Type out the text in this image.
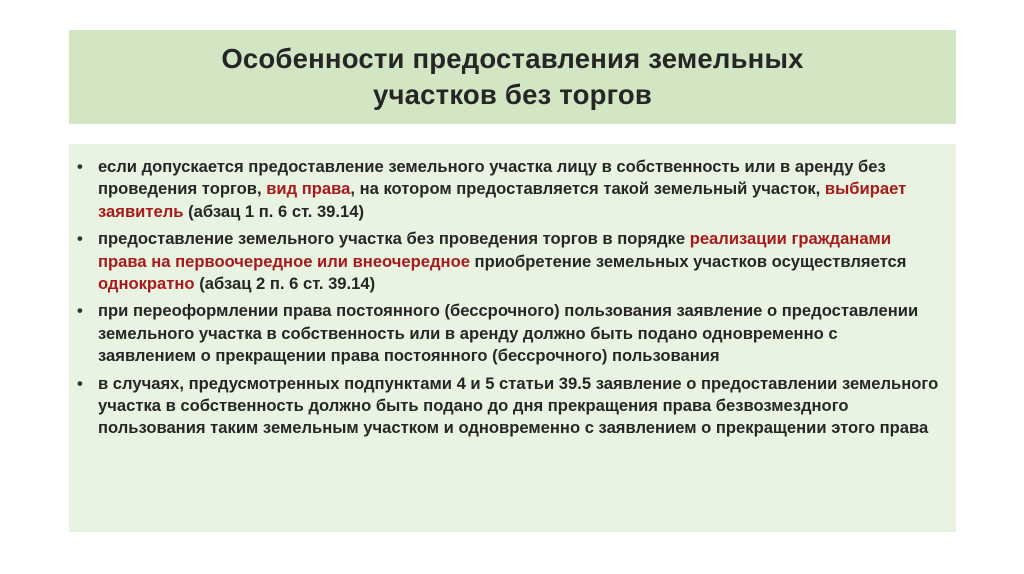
Особенности предоставления земельных
участков без торгов
• если допускается предоставление земельного участка лицу в собственность или в аренду без проведения торгов, вид права, на котором предоставляется такой земельный участок, выбирает заявитель (абзац 1 п. 6 ст. 39.14)
• предоставление земельного участка без проведения торгов в порядке реализации гражданами права на первоочередное или внеочередное приобретение земельных участков осуществляется однократно (абзац 2 п. 6 ст. 39.14)
• при переоформлении права постоянного (бессрочного) пользования заявление о предоставлении земельного участка в собственность или в аренду должно быть подано одновременно с заявлением о прекращении права постоянного (бессрочного) пользования
• в случаях, предусмотренных подпунктами 4 и 5 статьи 39.5 заявление о предоставлении земельного участка в собственность должно быть подано до дня прекращения права безвозмездного пользования таким земельным участком и одновременно с заявлением о прекращении этого права
